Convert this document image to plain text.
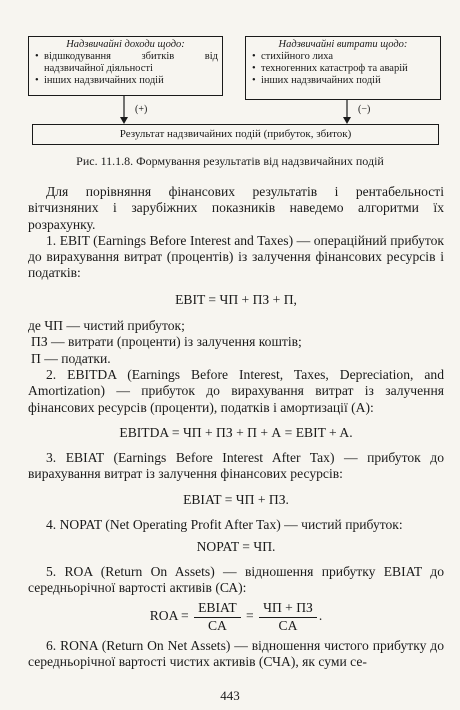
Надзвичайні доходи щодо:
• відшкодування збитків від надзвичайної діяльності
• інших надзвичайних подій
Надзвичайні витрати щодо:
• стихійного лиха
• техногенних катастроф та аварій
• інших надзвичайних подій
(+)	(−)
Результат надзвичайних подій (прибуток, збиток)
Рис. 11.1.8. Формування результатів від надзвичайних подій

Для порівняння фінансових результатів і рентабельності вітчизняних і зарубіжних показників наведемо алгоритми їх розрахунку.

1. EBIT (Earnings Before Interest and Taxes) — операційний прибуток до вирахування витрат (процентів) із залучення фінансових ресурсів і податків:

EBIT = ЧП + ПЗ + П,

де ЧП — чистий прибуток;

ПЗ — витрати (проценти) із залучення коштів;

П — податки.

2. EBITDA (Earnings Before Interest, Taxes, Depreciation, and Amortization) — прибуток до вирахування витрат із залучення фінансових ресурсів (проценти), податків і амортизації (А):

EBITDA = ЧП + ПЗ + П + А = EBIT + A.

3. EBIAT (Earnings Before Interest After Tax) — прибуток до вирахування витрат із залучення фінансових ресурсів:

EBIAT = ЧП + ПЗ.

4. NOPAT (Net Operating Profit After Tax) — чистий прибуток:

NOPAT = ЧП.

5. ROA (Return On Assets) — відношення прибутку EBIAT до середньорічної вартості активів (СА):

ROA = $\frac{\text{EBIAT}}{CA} = \frac{ЧП + ПЗ}{CA}$ .

6. RONA (Return On Net Assets) — відношення чистого прибутку до середньорічної вартості чистих активів (СЧА), як суми се-

443
